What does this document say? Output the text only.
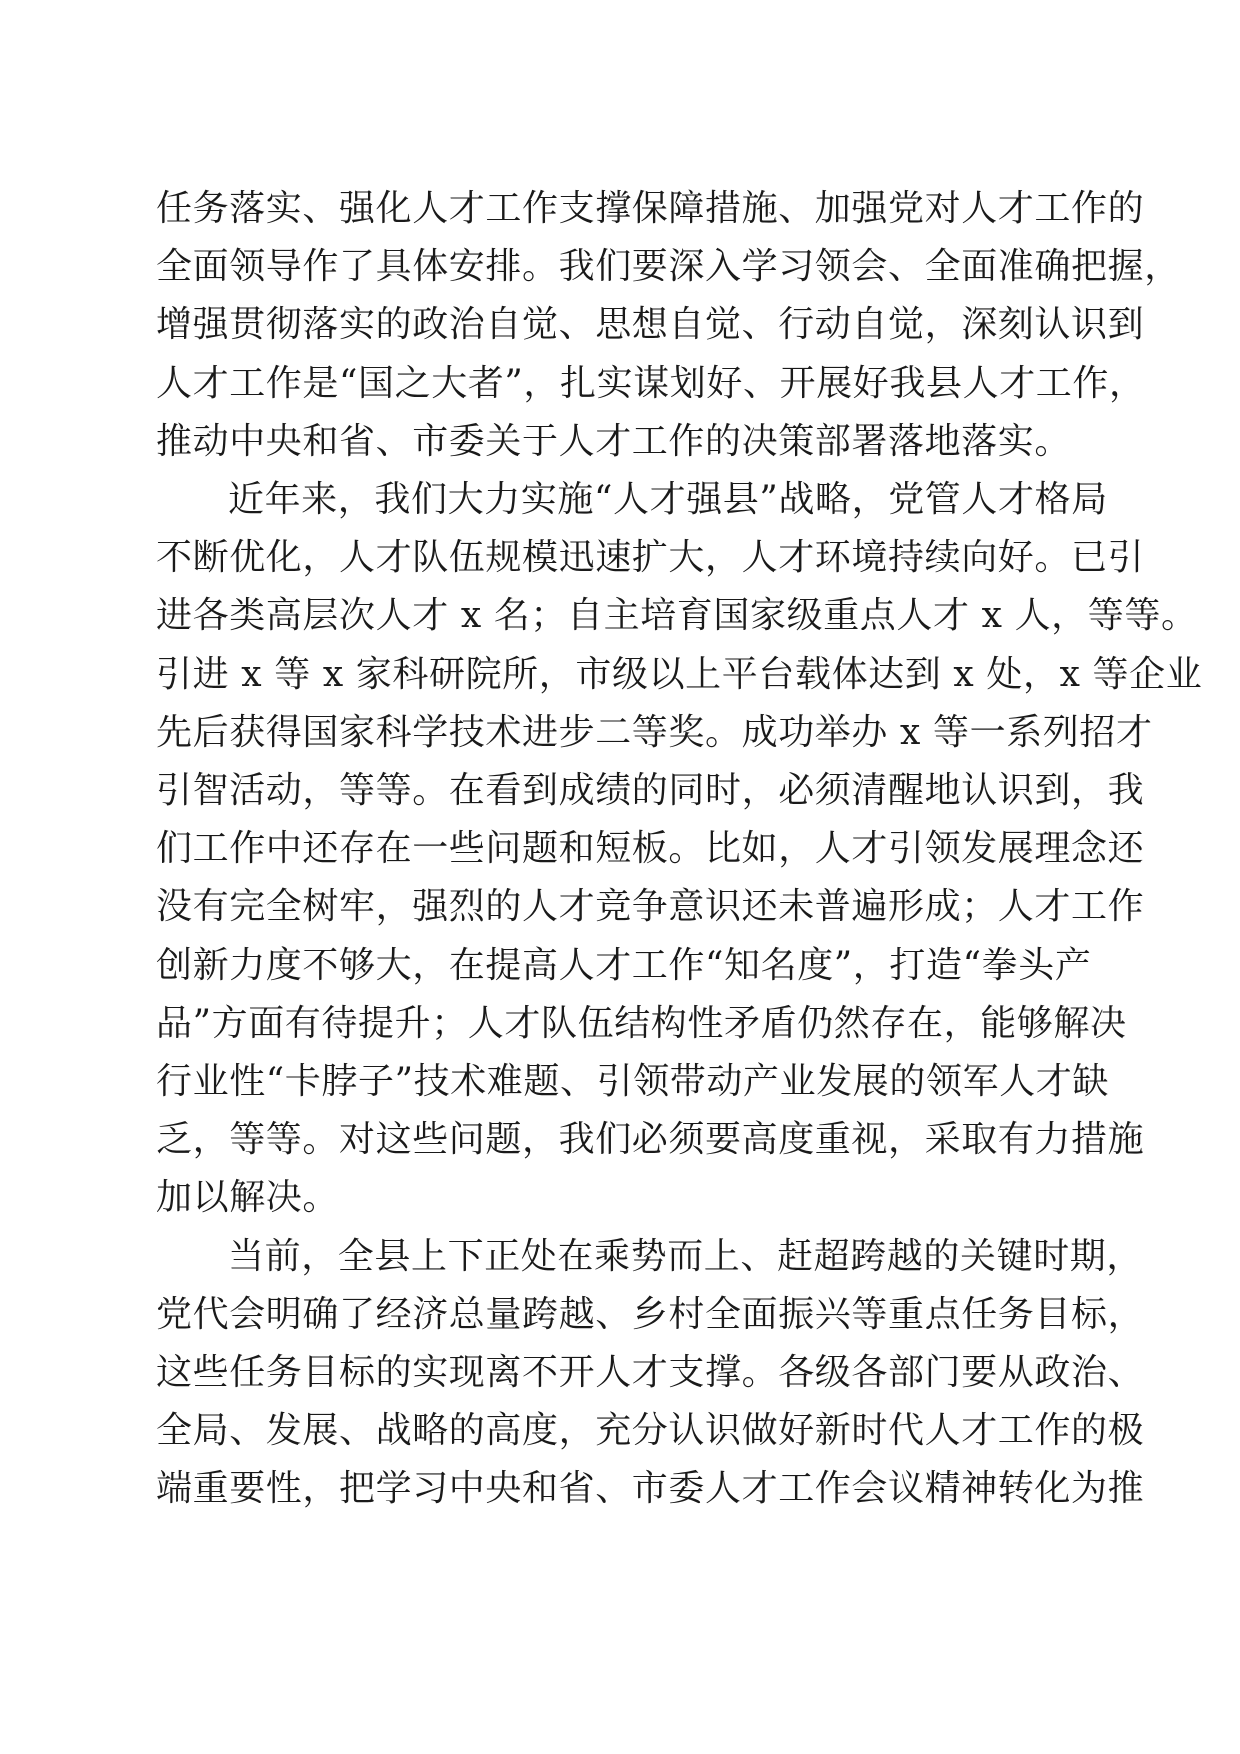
任务落实、强化人才工作支撑保障措施、加强党对人才工作的
全面领导作了具体安排。我们要深入学习领会、全面准确把握，
增强贯彻落实的政治自觉、思想自觉、行动自觉，深刻认识到
人才工作是“国之大者”，扎实谋划好、开展好我县人才工作，
推动中央和省、市委关于人才工作的决策部署落地落实。

近年来，我们大力实施“人才强县”战略，党管人才格局
不断优化，人才队伍规模迅速扩大，人才环境持续向好。已引
进各类高层次人才 x 名；自主培育国家级重点人才 x 人，等等。
引进 x 等 x 家科研院所，市级以上平台载体达到 x 处，x 等企业
先后获得国家科学技术进步二等奖。成功举办 x 等一系列招才
引智活动，等等。在看到成绩的同时，必须清醒地认识到，我
们工作中还存在一些问题和短板。比如，人才引领发展理念还
没有完全树牢，强烈的人才竞争意识还未普遍形成；人才工作
创新力度不够大，在提高人才工作“知名度”，打造“拳头产
品”方面有待提升；人才队伍结构性矛盾仍然存在，能够解决
行业性“卡脖子”技术难题、引领带动产业发展的领军人才缺
乏，等等。对这些问题，我们必须要高度重视，采取有力措施
加以解决。

当前，全县上下正处在乘势而上、赶超跨越的关键时期，
党代会明确了经济总量跨越、乡村全面振兴等重点任务目标，
这些任务目标的实现离不开人才支撑。各级各部门要从政治、
全局、发展、战略的高度，充分认识做好新时代人才工作的极
端重要性，把学习中央和省、市委人才工作会议精神转化为推
